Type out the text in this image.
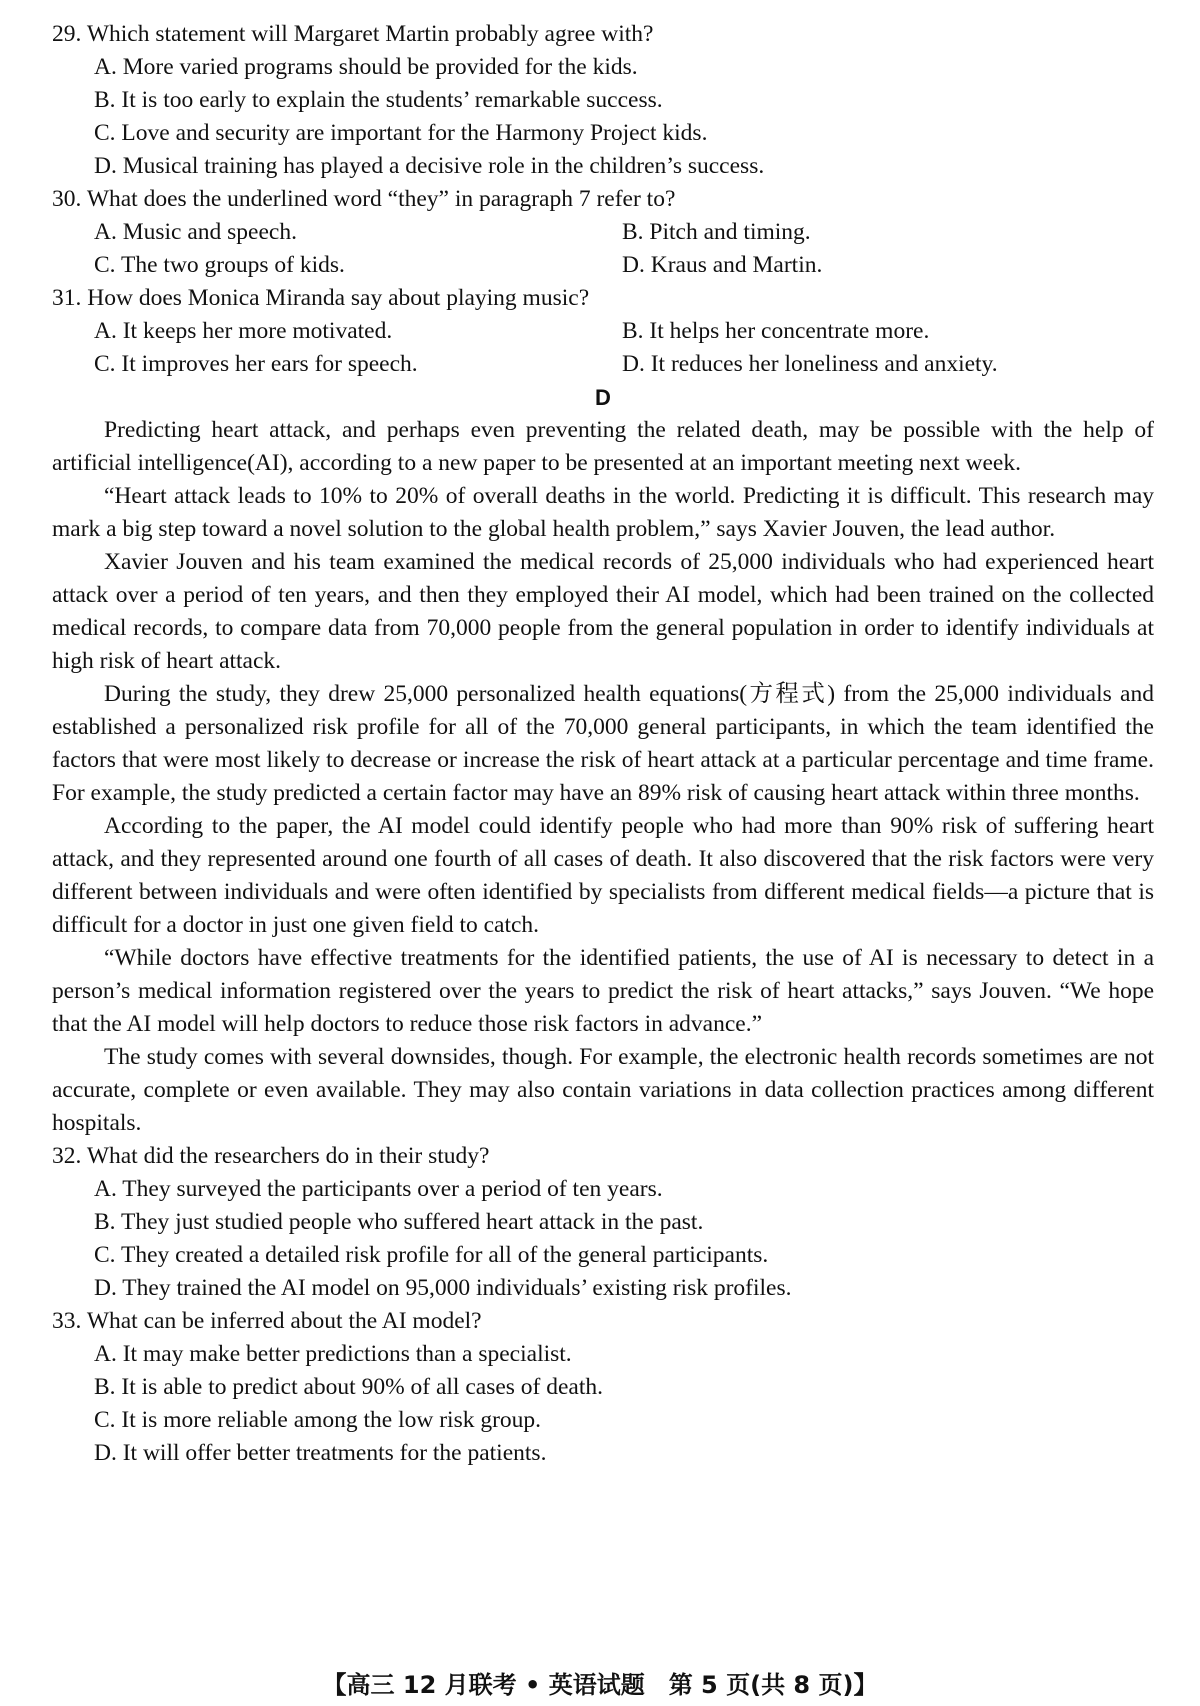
29. Which statement will Margaret Martin probably agree with?
A. More varied programs should be provided for the kids.
B. It is too early to explain the students’ remarkable success.
C. Love and security are important for the Harmony Project kids.
D. Musical training has played a decisive role in the children’s success.
30. What does the underlined word “they” in paragraph 7 refer to?
A. Music and speech.	B. Pitch and timing.
C. The two groups of kids.	D. Kraus and Martin.
31. How does Monica Miranda say about playing music?
A. It keeps her more motivated.	B. It helps her concentrate more.
C. It improves her ears for speech.	D. It reduces her loneliness and anxiety.
D

Predicting heart attack, and perhaps even preventing the related death, may be possible with the help of artificial intelligence(AI), according to a new paper to be presented at an important meeting next week.

“Heart attack leads to 10% to 20% of overall deaths in the world. Predicting it is difficult. This research may mark a big step toward a novel solution to the global health problem,” says Xavier Jouven, the lead author.

Xavier Jouven and his team examined the medical records of 25,000 individuals who had experienced heart attack over a period of ten years, and then they employed their AI model, which had been trained on the collected medical records, to compare data from 70,000 people from the general population in order to identify individuals at high risk of heart attack.

During the study, they drew 25,000 personalized health equations(方程式) from the 25,000 individuals and established a personalized risk profile for all of the 70,000 general participants, in which the team identified the factors that were most likely to decrease or increase the risk of heart attack at a particular percentage and time frame. For example, the study predicted a certain factor may have an 89% risk of causing heart attack within three months.

According to the paper, the AI model could identify people who had more than 90% risk of suffering heart attack, and they represented around one fourth of all cases of death. It also discovered that the risk factors were very different between individuals and were often identified by specialists from different medical fields—a picture that is difficult for a doctor in just one given field to catch.

“While doctors have effective treatments for the identified patients, the use of AI is necessary to detect in a person’s medical information registered over the years to predict the risk of heart attacks,” says Jouven. “We hope that the AI model will help doctors to reduce those risk factors in advance.”

The study comes with several downsides, though. For example, the electronic health records sometimes are not accurate, complete or even available. They may also contain variations in data collection practices among different hospitals.

32. What did the researchers do in their study?
A. They surveyed the participants over a period of ten years.
B. They just studied people who suffered heart attack in the past.
C. They created a detailed risk profile for all of the general participants.
D. They trained the AI model on 95,000 individuals’ existing risk profiles.
33. What can be inferred about the AI model?
A. It may make better predictions than a specialist.
B. It is able to predict about 90% of all cases of death.
C. It is more reliable among the low risk group.
D. It will offer better treatments for the patients.
【高三 12 月联考 • 英语试题　第 5 页(共 8 页)】
